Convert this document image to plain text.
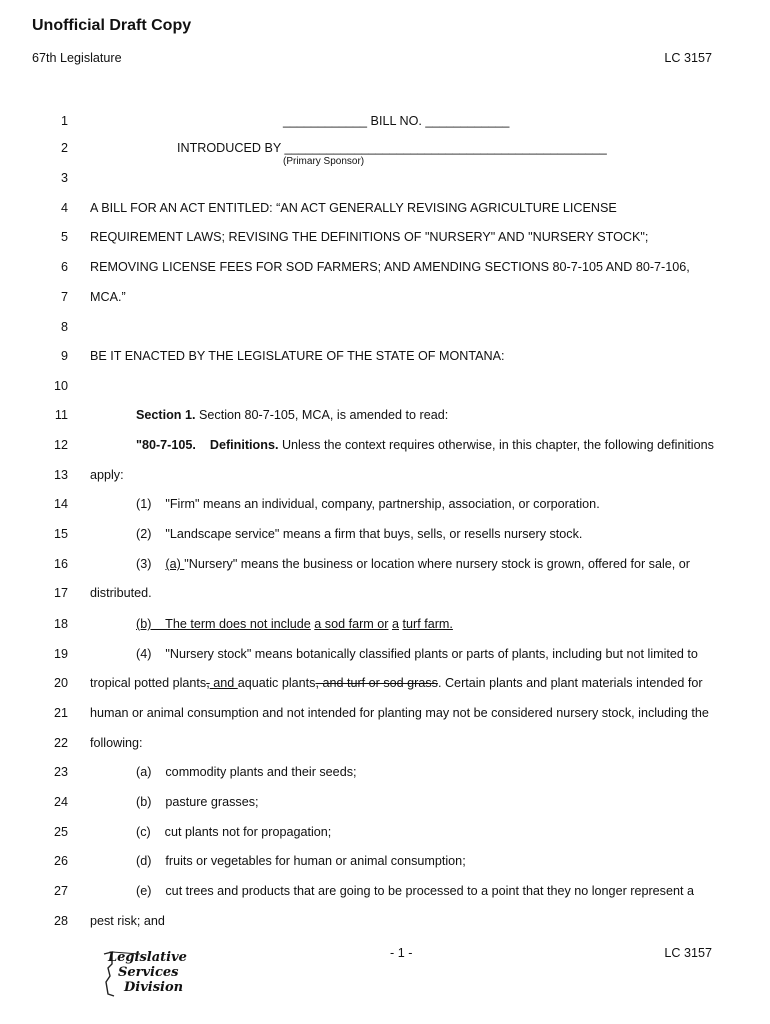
Unofficial Draft Copy
67th Legislature	LC 3157
1	____________ BILL NO. ____________
2	INTRODUCED BY ______________________________________________
(Primary Sponsor)
3
4 A BILL FOR AN ACT ENTITLED: “AN ACT GENERALLY REVISING AGRICULTURE LICENSE
5 REQUIREMENT LAWS; REVISING THE DEFINITIONS OF "NURSERY" AND "NURSERY STOCK";
6 REMOVING LICENSE FEES FOR SOD FARMERS; AND AMENDING SECTIONS 80-7-105 AND 80-7-106,
7 MCA.”
8
9 BE IT ENACTED BY THE LEGISLATURE OF THE STATE OF MONTANA:
10
11	Section 1. Section 80-7-105, MCA, is amended to read:
12	"80-7-105.    Definitions. Unless the context requires otherwise, in this chapter, the following definitions
13 apply:
14	(1)    "Firm" means an individual, company, partnership, association, or corporation.
15	(2)    "Landscape service" means a firm that buys, sells, or resells nursery stock.
16	(3)    (a) "Nursery" means the business or location where nursery stock is grown, offered for sale, or
17 distributed.
18	(b)    The term does not include a sod farm or a turf farm.
19	(4)    "Nursery stock" means botanically classified plants or parts of plants, including but not limited to
20 tropical potted plants, and aquatic plants, and turf or sod grass. Certain plants and plant materials intended for
21 human or animal consumption and not intended for planting may not be considered nursery stock, including the
22 following:
23	(a)    commodity plants and their seeds;
24	(b)    pasture grasses;
25	(c)    cut plants not for propagation;
26	(d)    fruits or vegetables for human or animal consumption;
27	(e)    cut trees and products that are going to be processed to a point that they no longer represent a
28 pest risk; and
- 1 -	LC 3157
Legislative
Services
Division
